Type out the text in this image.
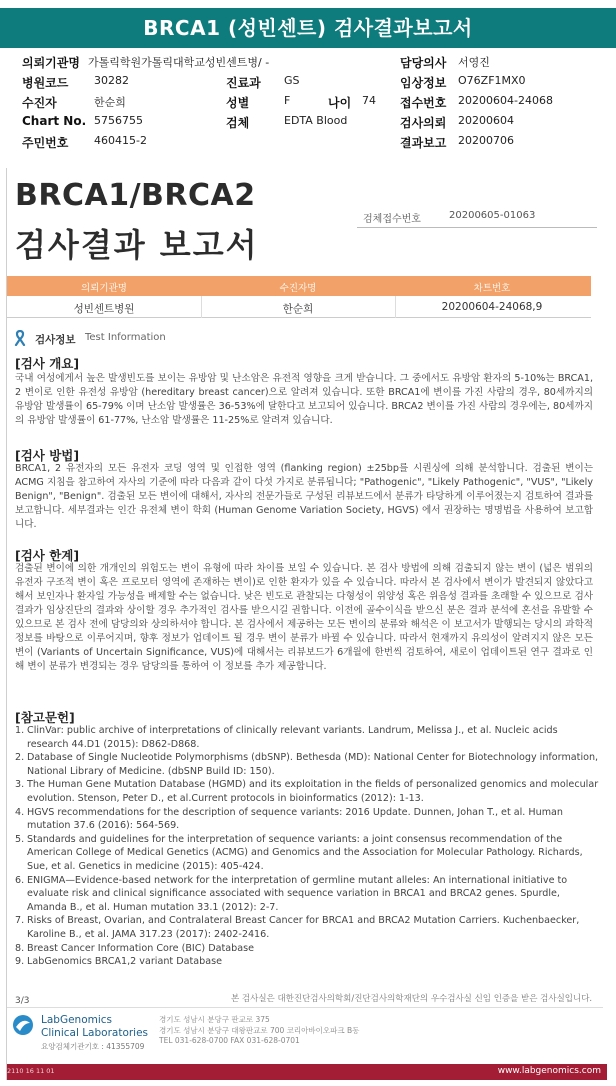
BRCA1 (성빈센트) 검사결과보고서
의뢰기관명 가톨릭학원가톨릭대학교성빈센트병/ -	담당의사 서영진
병원코드 30282	진료과 GS	임상정보 O76ZF1MX0
수진자	한순희	성별	F	나이 74 접수번호 20200604-24068
Chart No. 5756755	검체	EDTA Blood	검사의뢰 20200604
주민번호 460415-2	결과보고 20200706
BRCA1/BRCA2
검사결과 보고서
검체접수번호	20200605-01063
의뢰기관명	수진자명	차트번호
성빈센트병원	한순희	20200604-24068,9
검사정보 Test Information
[검사 개요]
국내 여성에게서 높은 발생빈도를 보이는 유방암 및 난소암은 유전적 영향을 크게 받습니다. 그 중에서도 유방암 환자의 5-10%는 BRCA1, 2 변이로 인한 유전성 유방암 (hereditary breast cancer)으로 알려져 있습니다. 또한 BRCA1에 변이를 가진 사람의 경우, 80세까지의 유방암 발생률이 65-79% 이며 난소암 발생률은 36-53%에 달한다고 보고되어 있습니다. BRCA2 변이를 가진 사람의 경우에는, 80세까지의 유방암 발생률이 61-77%, 난소암 발생률은 11-25%로 알려져 있습니다.
[검사 방법]
BRCA1, 2 유전자의 모든 유전자 코딩 영역 및 인접한 영역 (flanking region) ±25bp를 시퀀싱에 의해 분석합니다. 검출된 변이는 ACMG 지침을 참고하여 자사의 기준에 따라 다음과 같이 다섯 가지로 분류됩니다; "Pathogenic", "Likely Pathogenic", "VUS", "Likely Benign", "Benign". 검출된 모든 변이에 대해서, 자사의 전문가들로 구성된 리뷰보드에서 분류가 타당하게 이루어졌는지 검토하여 결과를 보고합니다. 세부결과는 인간 유전체 변이 학회 (Human Genome Variation Society, HGVS) 에서 권장하는 명명법을 사용하여 보고합니다.
[검사 한계]
검출된 변이에 의한 개개인의 위험도는 변이 유형에 따라 차이를 보일 수 있습니다. 본 검사 방법에 의해 검출되지 않는 변이 (넓은 범위의 유전자 구조적 변이 혹은 프로모터 영역에 존재하는 변이)로 인한 환자가 있을 수 있습니다. 따라서 본 검사에서 변이가 발견되지 않았다고 해서 보인자나 환자일 가능성을 배제할 수는 없습니다. 낮은 빈도로 관찰되는 다형성이 위양성 혹은 위음성 결과를 초래할 수 있으므로 검사 결과가 임상진단의 결과와 상이할 경우 추가적인 검사를 받으시길 권합니다. 이전에 골수이식을 받으신 분은 결과 분석에 혼선을 유발할 수 있으므로 본 검사 전에 담당의와 상의하셔야 합니다. 본 검사에서 제공하는 모든 변이의 분류와 해석은 이 보고서가 발행되는 당시의 과학적 정보를 바탕으로 이루어지며, 향후 정보가 업데이트 될 경우 변이 분류가 바뀔 수 있습니다. 따라서 현재까지 유의성이 알려지지 않은 모든 변이 (Variants of Uncertain Significance, VUS)에 대해서는 리뷰보드가 6개월에 한번씩 검토하여, 새로이 업데이트된 연구 결과로 인해 변이 분류가 변경되는 경우 담당의를 통하여 이 정보를 추가 제공합니다.
[참고문헌]
1. ClinVar: public archive of interpretations of clinically relevant variants. Landrum, Melissa J., et al. Nucleic acids research 44.D1 (2015): D862-D868.
2. Database of Single Nucleotide Polymorphisms (dbSNP). Bethesda (MD): National Center for Biotechnology information, National Library of Medicine. (dbSNP Build ID: 150).
3. The Human Gene Mutation Database (HGMD) and its exploitation in the fields of personalized genomics and molecular evolution. Stenson, Peter D., et al.Current protocols in bioinformatics (2012): 1-13.
4. HGVS recommendations for the description of sequence variants: 2016 Update. Dunnen, Johan T., et al. Human mutation 37.6 (2016): 564-569.
5. Standards and guidelines for the interpretation of sequence variants: a joint consensus recommendation of the American College of Medical Genetics (ACMG) and Genomics and the Association for Molecular Pathology. Richards, Sue, et al. Genetics in medicine (2015): 405-424.
6. ENIGMA—Evidence-based network for the interpretation of germline mutant alleles: An international initiative to evaluate risk and clinical significance associated with sequence variation in BRCA1 and BRCA2 genes. Spurdle, Amanda B., et al. Human mutation 33.1 (2012): 2-7.
7. Risks of Breast, Ovarian, and Contralateral Breast Cancer for BRCA1 and BRCA2 Mutation Carriers. Kuchenbaecker, Karoline B., et al. JAMA 317.23 (2017): 2402-2416.
8. Breast Cancer Information Core (BIC) Database
9. LabGenomics BRCA1,2 variant Database
3/3	본 검사실은 대한진단검사의학회/진단검사의학재단의 우수검사실 신임 인증을 받은 검사실입니다.
LabGenomics
Clinical Laboratories
요양검체기관기호 : 41355709
경기도 성남시 분당구 판교로 375
경기도 성남시 분당구 대왕판교로 700 코리아바이오파크 B동
TEL 031-628-0700 FAX 031-628-0701
2110 16 11 01	www.labgenomics.com
